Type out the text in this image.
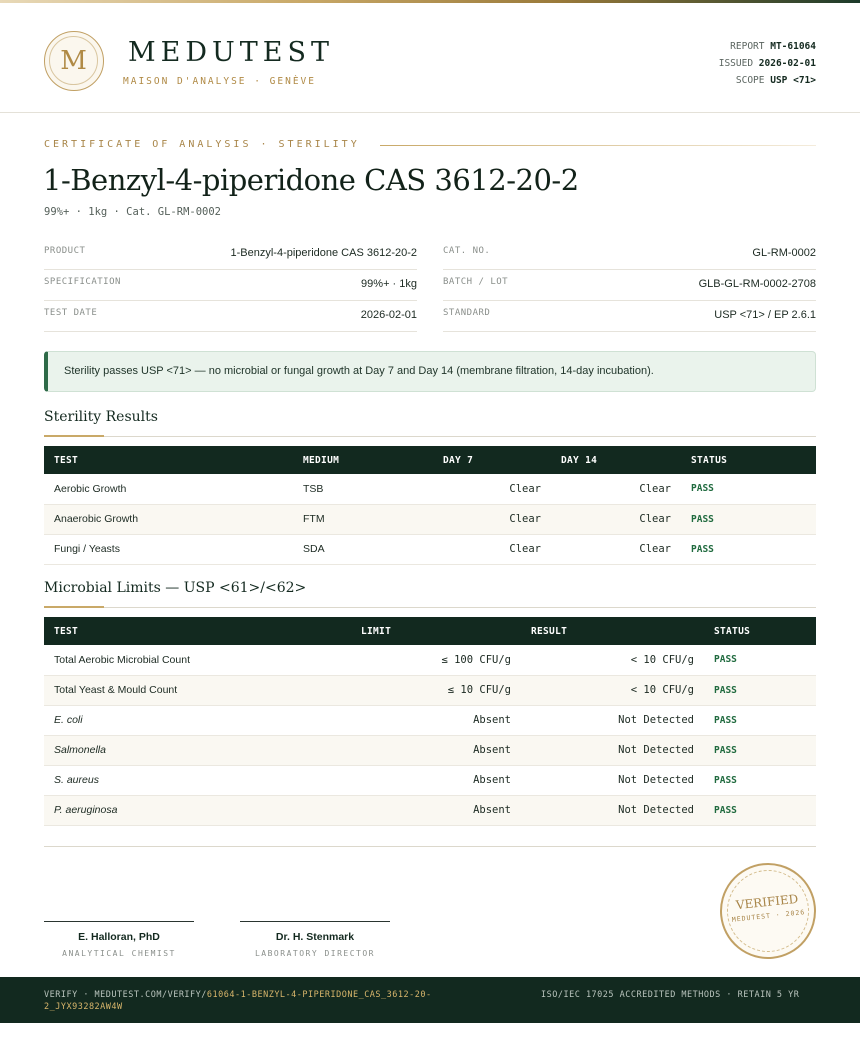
M	MEDUTEST
MAISON D'ANALYSE · GENÈVE
REPORT MT-61064
ISSUED 2026-02-01
SCOPE USP <71>
CERTIFICATE OF ANALYSIS · STERILITY
1-Benzyl-4-piperidone CAS 3612-20-2
99%+ · 1kg · Cat. GL-RM-0002
PRODUCT	1-Benzyl-4-piperidone CAS 3612-20-2
SPECIFICATION	99%+ · 1kg
TEST DATE	2026-02-01
CAT. NO.	GL-RM-0002
BATCH / LOT	GLB-GL-RM-0002-2708
STANDARD	USP <71> / EP 2.6.1
Sterility passes USP <71> — no microbial or fungal growth at Day 7 and Day 14 (membrane filtration, 14-day incubation).
Sterility Results
TEST	MEDIUM	DAY 7	DAY 14	STATUS
Aerobic Growth	TSB	Clear	Clear	PASS
Anaerobic Growth	FTM	Clear	Clear	PASS
Fungi / Yeasts	SDA	Clear	Clear	PASS
Microbial Limits — USP <61>/<62>
TEST	LIMIT	RESULT	STATUS
Total Aerobic Microbial Count	≤ 100 CFU/g	< 10 CFU/g	PASS
Total Yeast & Mould Count	≤ 10 CFU/g	< 10 CFU/g	PASS
E. coli	Absent	Not Detected	PASS
Salmonella	Absent	Not Detected	PASS
S. aureus	Absent	Not Detected	PASS
P. aeruginosa	Absent	Not Detected	PASS
E. Halloran, PhD
ANALYTICAL CHEMIST
Dr. H. Stenmark
LABORATORY DIRECTOR
VERIFIED
MEDUTEST · 2026
VERIFY · MEDUTEST.COM/VERIFY/61064-1-BENZYL-4-PIPERIDONE_CAS_3612-20-2_JYX93282AW4W
ISO/IEC 17025 ACCREDITED METHODS · RETAIN 5 YR
